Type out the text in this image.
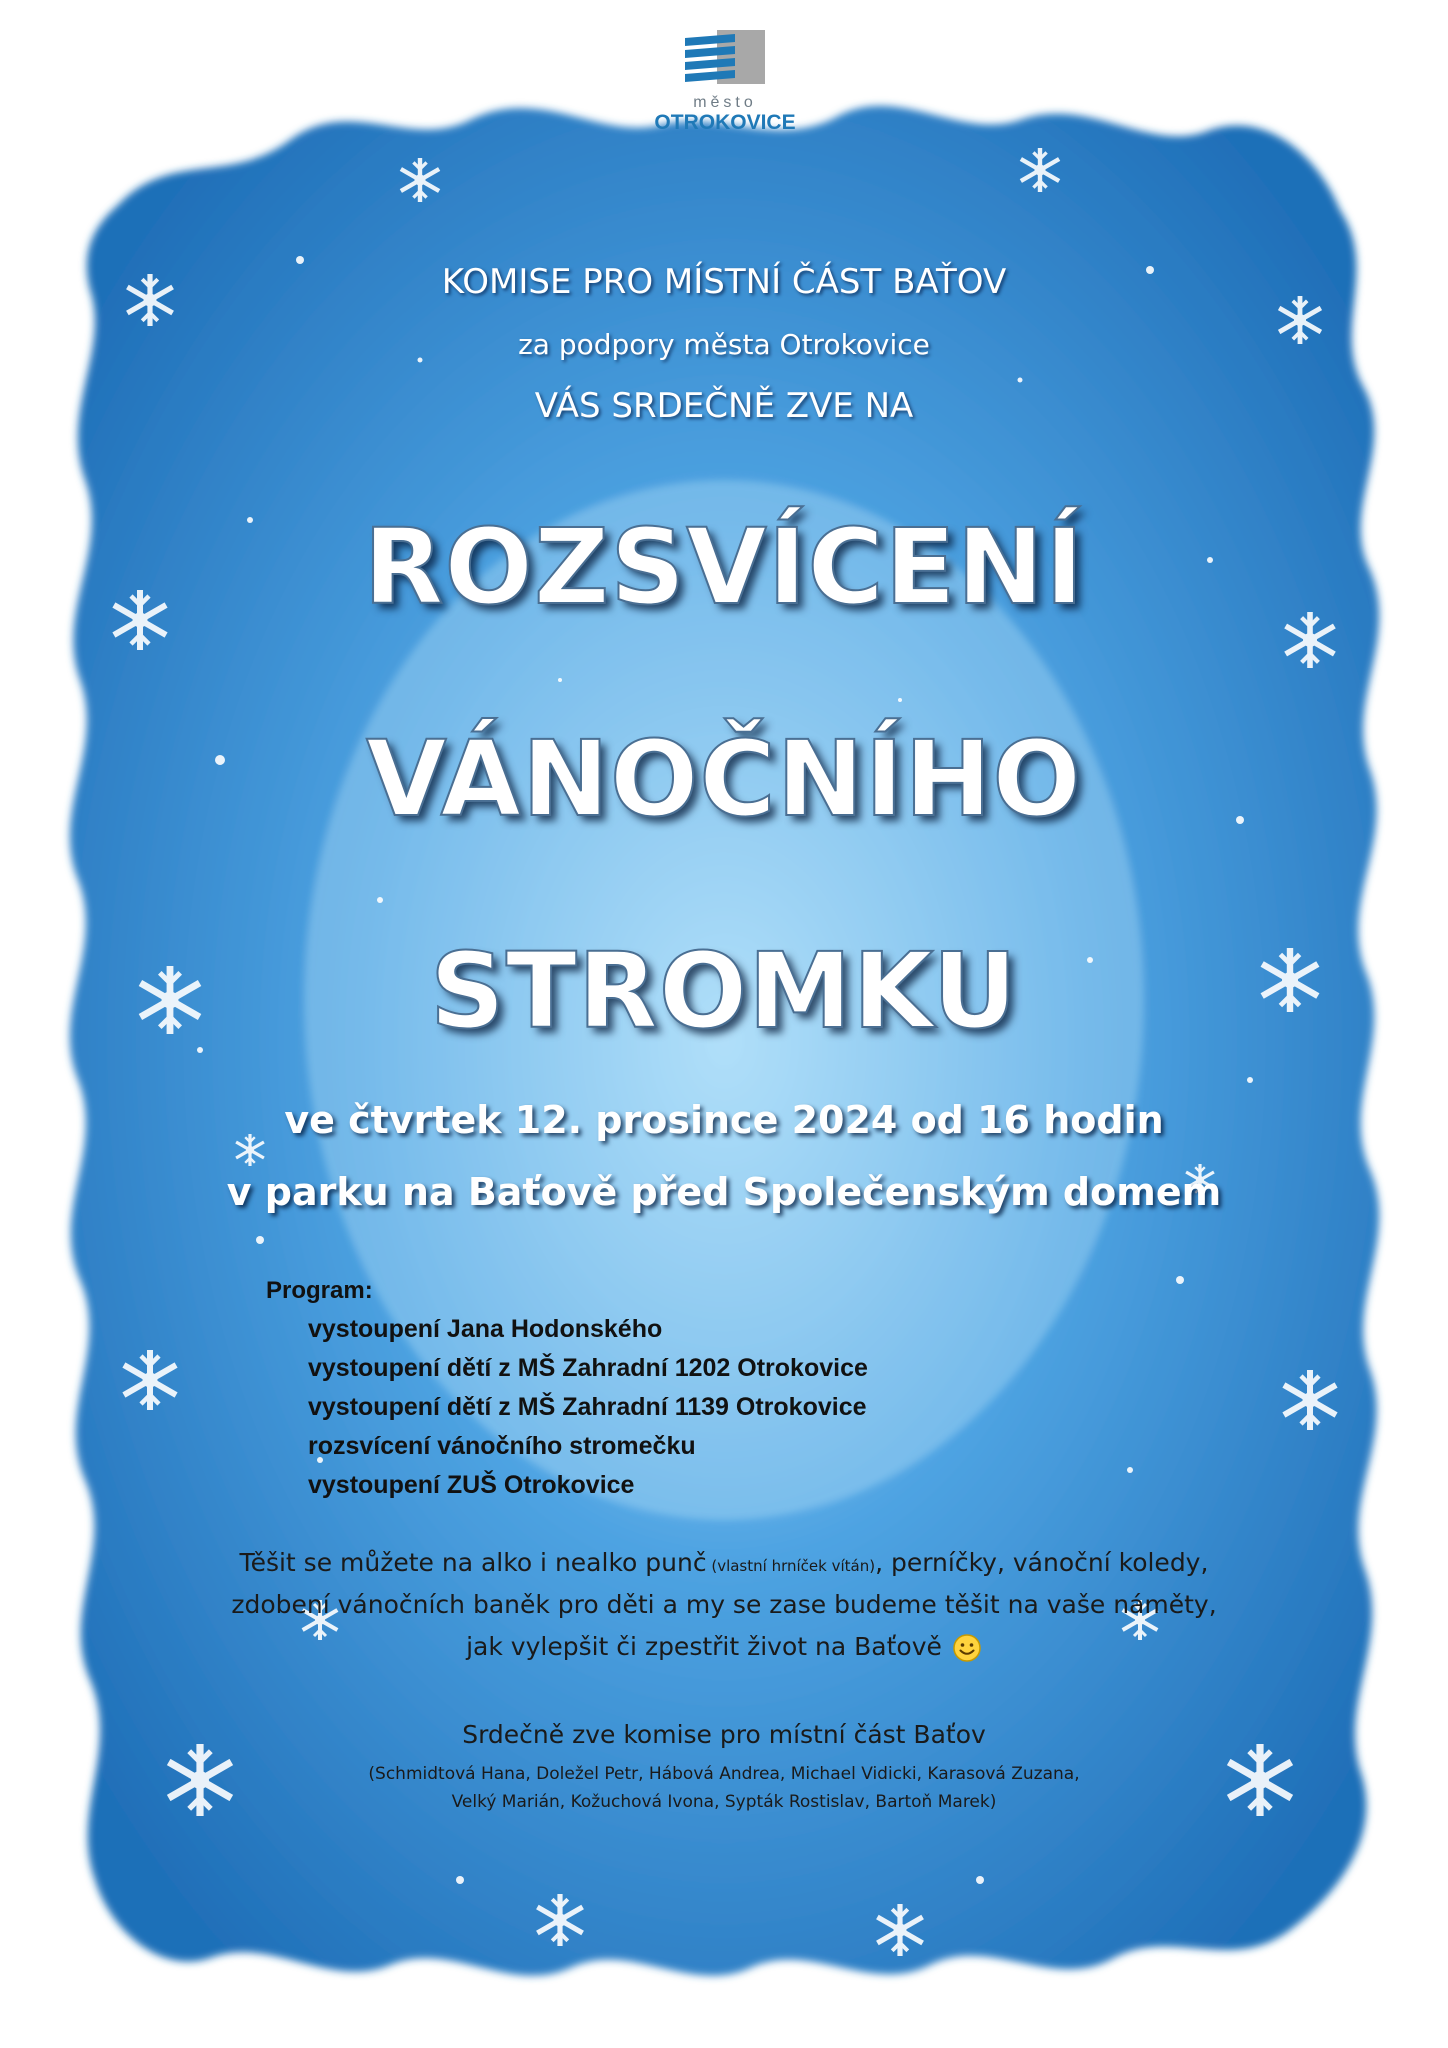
město
OTROKOVICE
KOMISE PRO MÍSTNÍ ČÁST BAŤOV
za podpory města Otrokovice
VÁS SRDEČNĚ ZVE NA
ROZSVÍCENÍ
VÁNOČNÍHO
STROMKU
ve čtvrtek 12. prosince 2024 od 16 hodin
v parku na Baťově před Společenským domem
Program:
vystoupení Jana Hodonského
vystoupení dětí z MŠ Zahradní 1202 Otrokovice
vystoupení dětí z MŠ Zahradní 1139 Otrokovice
rozsvícení vánočního stromečku
vystoupení ZUŠ Otrokovice
Těšit se můžete na alko i nealko punč (vlastní hrníček vítán), perníčky, vánoční koledy,
zdobení vánočních baněk pro děti a my se zase budeme těšit na vaše náměty,
jak vylepšit či zpestřit život na Baťově
Srdečně zve komise pro místní část Baťov
(Schmidtová Hana, Doležel Petr, Hábová Andrea, Michael Vidicki, Karasová Zuzana,
Velký Marián, Kožuchová Ivona, Sypták Rostislav, Bartoň Marek)
